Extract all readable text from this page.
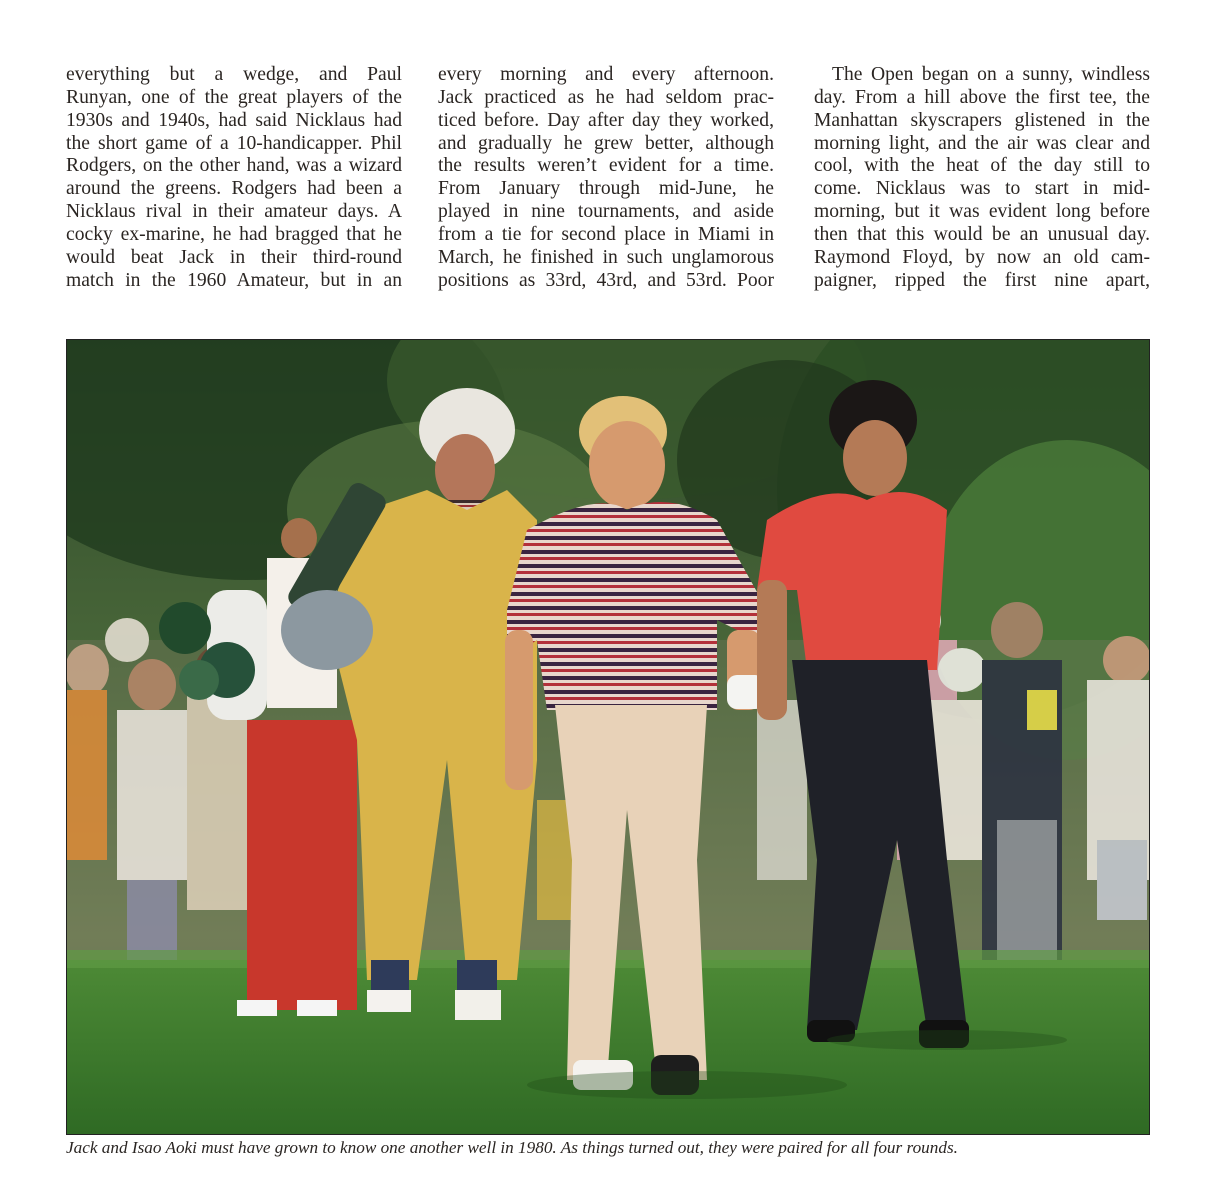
everything but a wedge, and Paul
Runyan, one of the great players of the
1930s and 1940s, had said Nicklaus had
the short game of a 10-handicapper. Phil
Rodgers, on the other hand, was a wizard
around the greens. Rodgers had been a
Nicklaus rival in their amateur days. A
cocky ex-marine, he had bragged that he
would beat Jack in their third-round
match in the 1960 Amateur, but in an
every morning and every afternoon.
Jack practiced as he had seldom prac-
ticed before. Day after day they worked,
and gradually he grew better, although
the results weren’t evident for a time.
From January through mid-June, he
played in nine tournaments, and aside
from a tie for second place in Miami in
March, he finished in such unglamorous
positions as 33rd, 43rd, and 53rd. Poor
The Open began on a sunny, windless
day. From a hill above the first tee, the
Manhattan skyscrapers glistened in the
morning light, and the air was clear and
cool, with the heat of the day still to
come. Nicklaus was to start in mid-
morning, but it was evident long before
then that this would be an unusual day.
Raymond Floyd, by now an old cam-
paigner, ripped the first nine apart,
Jack and Isao Aoki must have grown to know one another well in 1980. As things turned out, they were paired for all four rounds.
